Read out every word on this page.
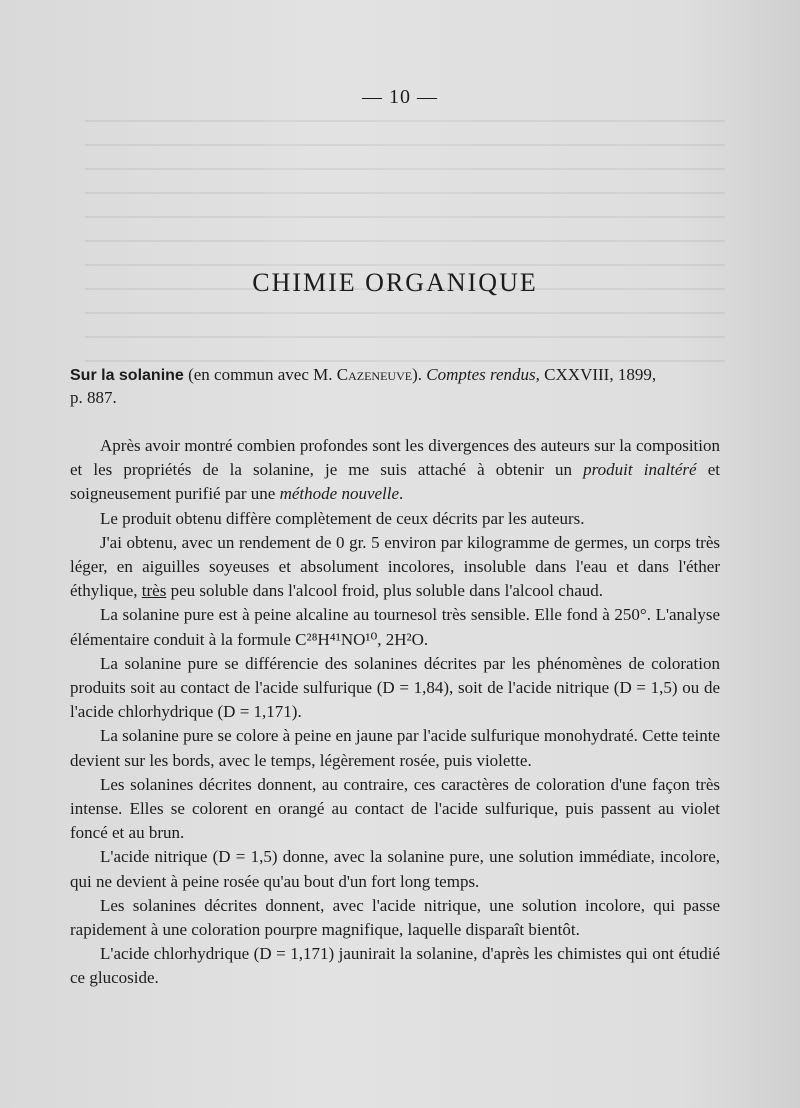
— 10 —
CHIMIE ORGANIQUE
Sur la solanine (en commun avec M. Cazeneuve). Comptes rendus, CXXVIII, 1899,
p. 887.

Après avoir montré combien profondes sont les divergences des auteurs sur la composition et les propriétés de la solanine, je me suis attaché à obtenir un produit inaltéré et soigneusement purifié par une méthode nouvelle.

Le produit obtenu diffère complètement de ceux décrits par les auteurs.

J'ai obtenu, avec un rendement de 0 gr. 5 environ par kilogramme de germes, un corps très léger, en aiguilles soyeuses et absolument incolores, insoluble dans l'eau et dans l'éther éthylique, très peu soluble dans l'alcool froid, plus soluble dans l'alcool chaud.

La solanine pure est à peine alcaline au tournesol très sensible. Elle fond à 250°. L'analyse élémentaire conduit à la formule C²⁸H⁴¹NO¹⁰, 2H²O.

La solanine pure se différencie des solanines décrites par les phénomènes de coloration produits soit au contact de l'acide sulfurique (D = 1,84), soit de l'acide nitrique (D = 1,5) ou de l'acide chlorhydrique (D = 1,171).

La solanine pure se colore à peine en jaune par l'acide sulfurique monohydraté. Cette teinte devient sur les bords, avec le temps, légèrement rosée, puis violette.

Les solanines décrites donnent, au contraire, ces caractères de coloration d'une façon très intense. Elles se colorent en orangé au contact de l'acide sulfurique, puis passent au violet foncé et au brun.

L'acide nitrique (D = 1,5) donne, avec la solanine pure, une solution immédiate, incolore, qui ne devient à peine rosée qu'au bout d'un fort long temps.

Les solanines décrites donnent, avec l'acide nitrique, une solution incolore, qui passe rapidement à une coloration pourpre magnifique, laquelle disparaît bientôt.

L'acide chlorhydrique (D = 1,171) jaunirait la solanine, d'après les chimistes qui ont étudié ce glucoside.
